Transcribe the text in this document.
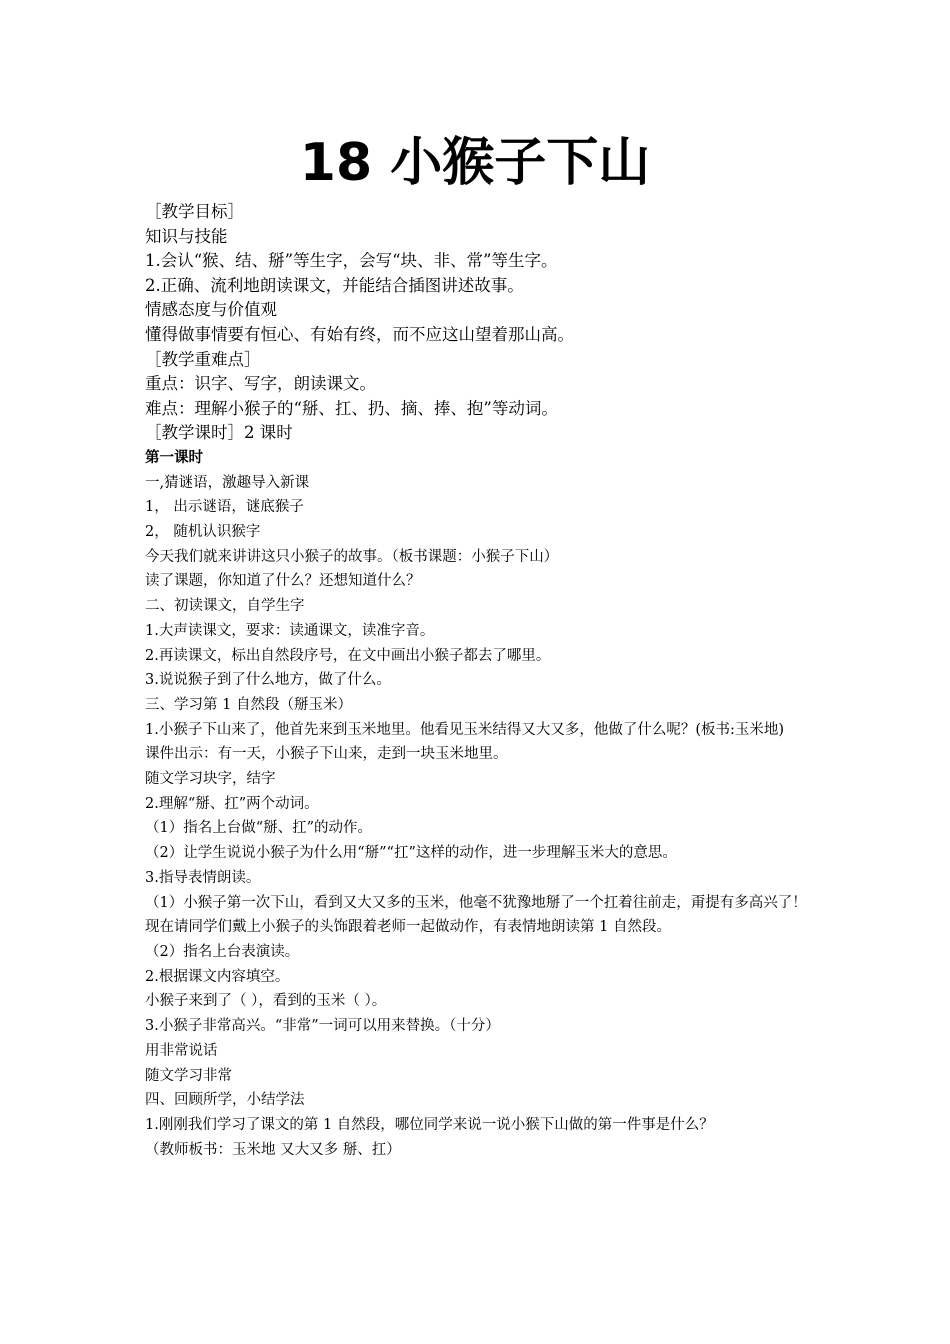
18 小猴子下山

［教学目标］

知识与技能

1.会认“猴、结、掰”等生字，会写“块、非、常”等生字。

2.正确、流利地朗读课文，并能结合插图讲述故事。

情感态度与价值观

懂得做事情要有恒心、有始有终，而不应这山望着那山高。

［教学重难点］

重点：识字、写字，朗读课文。

难点：理解小猴子的“掰、扛、扔、摘、捧、抱”等动词。

［教学课时］2 课时

第一课时

一,猜谜语，激趣导入新课

1， 出示谜语，谜底猴子

2， 随机认识猴字

今天我们就来讲讲这只小猴子的故事。（板书课题：小猴子下山）

读了课题，你知道了什么？还想知道什么？

二、初读课文，自学生字

1.大声读课文，要求：读通课文，读准字音。

2.再读课文，标出自然段序号，在文中画出小猴子都去了哪里。

3.说说猴子到了什么地方，做了什么。

三、学习第 1 自然段（掰玉米）

1.小猴子下山来了，他首先来到玉米地里。他看见玉米结得又大又多，他做了什么呢？(板书:玉米地)

课件出示：有一天，小猴子下山来，走到一块玉米地里。

随文学习块字，结字

2.理解“掰、扛”两个动词。

（1）指名上台做“掰、扛”的动作。

（2）让学生说说小猴子为什么用“掰”“扛”这样的动作，进一步理解玉米大的意思。

3.指导表情朗读。

（1）小猴子第一次下山，看到又大又多的玉米，他毫不犹豫地掰了一个扛着往前走，甭提有多高兴了！

现在请同学们戴上小猴子的头饰跟着老师一起做动作，有表情地朗读第 1 自然段。

（2）指名上台表演读。

2.根据课文内容填空。

小猴子来到了（ ），看到的玉米（ ）。

3.小猴子非常高兴。“非常”一词可以用来替换。（十分）

用非常说话

随文学习非常

四、回顾所学，小结学法

1.刚刚我们学习了课文的第 1 自然段，哪位同学来说一说小猴下山做的第一件事是什么？

（教师板书：玉米地 又大又多 掰、扛）
